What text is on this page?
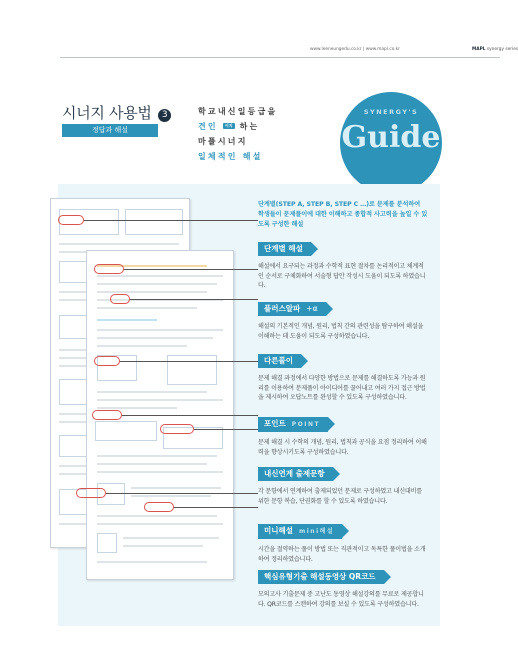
www.leeneungedu.co.kr | www.mapl.co.kr	MAPL synergy series
시너지 사용법 3
정답과 해설
학교내신일등급을
견인 이지 하는
마플시너지
일체적인 해설
SYNERGY'S
Guide
단계별(STEP A, STEP B, STEP C …)로 문제를 분석하여 학생들이 문제풀이에 대한 이해하고 종합적 사고력을 높일 수 있도록 구성한 해설
단계별 해설
해설에서 요구되는 과정과 수학적 표현 절차를 논리적이고 체계적인 순서로 구체화하여 서술형 답안 작성시 도움이 되도록 하였습니다.
플러스알파 +α
해설의 기본적인 개념, 원리, 법칙 간의 관련성을 탐구하여 해설을 이해하는 데 도움이 되도록 구성하였습니다.
다른풀이
문제 해결 과정에서 다양한 방법으로 문제를 해결하도록 가능과 원리를 이용하여 문제풀이 아이디어를 꿀어내고 여러 가지 접근 방법을 제시하여 오답노트를 완성할 수 있도록 구성하였습니다.
포인트 POINT
문제 해결 시 수학의 개념, 원리, 법칙과 공식을 요점 정리하여 이해력을 향상시키도록 구성하였습니다.
내신연계 출제문항
각 문항에서 연계하여 출제되었던 문제로 구성하였고 내신대비를 위한 문항 복습, 단권화를 할 수 있도록 하였습니다.
미니해설 mini해설
시간을 절약하는 풀이 방법 또는 직관적이고 독특한 풀이법을 소개하여 정리하였습니다.
핵심유형기출 해설동영상 QR코드
모의고사 기출문제 중 고난도 동영상 해설강의를 무료로 제공합니다. QR코드를 스캔하여 강의를 보실 수 있도록 구성하였습니다.
